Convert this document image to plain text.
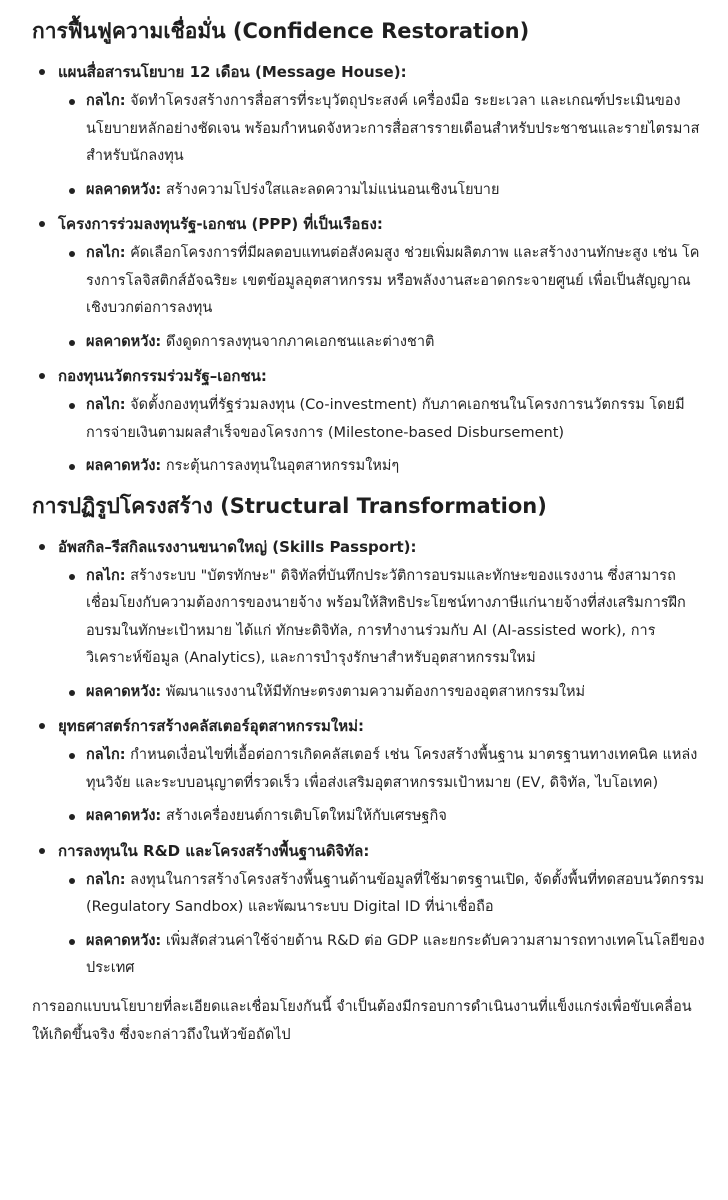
การฟื้นฟูความเชื่อมั่น (Confidence Restoration)
แผนสื่อสารนโยบาย 12 เดือน (Message House):
กลไก: จัดทำโครงสร้างการสื่อสารที่ระบุวัตถุประสงค์ เครื่องมือ ระยะเวลา และเกณฑ์ประเมินของนโยบายหลักอย่างชัดเจน พร้อมกำหนดจังหวะการสื่อสารรายเดือนสำหรับประชาชนและรายไตรมาสสำหรับนักลงทุน
ผลคาดหวัง: สร้างความโปร่งใสและลดความไม่แน่นอนเชิงนโยบาย
โครงการร่วมลงทุนรัฐ-เอกชน (PPP) ที่เป็นเรือธง:
กลไก: คัดเลือกโครงการที่มีผลตอบแทนต่อสังคมสูง ช่วยเพิ่มผลิตภาพ และสร้างงานทักษะสูง เช่น โครงการโลจิสติกส์อัจฉริยะ เขตข้อมูลอุตสาหกรรม หรือพลังงานสะอาดกระจายศูนย์ เพื่อเป็นสัญญาณเชิงบวกต่อการลงทุน
ผลคาดหวัง: ดึงดูดการลงทุนจากภาคเอกชนและต่างชาติ
กองทุนนวัตกรรมร่วมรัฐ–เอกชน:
กลไก: จัดตั้งกองทุนที่รัฐร่วมลงทุน (Co-investment) กับภาคเอกชนในโครงการนวัตกรรม โดยมีการจ่ายเงินตามผลสำเร็จของโครงการ (Milestone-based Disbursement)
ผลคาดหวัง: กระตุ้นการลงทุนในอุตสาหกรรมใหม่ๆ
การปฏิรูปโครงสร้าง (Structural Transformation)
อัพสกิล–รีสกิลแรงงานขนาดใหญ่ (Skills Passport):
กลไก: สร้างระบบ "บัตรทักษะ" ดิจิทัลที่บันทึกประวัติการอบรมและทักษะของแรงงาน ซึ่งสามารถเชื่อมโยงกับความต้องการของนายจ้าง พร้อมให้สิทธิประโยชน์ทางภาษีแก่นายจ้างที่ส่งเสริมการฝึกอบรมในทักษะเป้าหมาย ได้แก่ ทักษะดิจิทัล, การทำงานร่วมกับ AI (AI-assisted work), การวิเคราะห์ข้อมูล (Analytics), และการบำรุงรักษาสำหรับอุตสาหกรรมใหม่
ผลคาดหวัง: พัฒนาแรงงานให้มีทักษะตรงตามความต้องการของอุตสาหกรรมใหม่
ยุทธศาสตร์การสร้างคลัสเตอร์อุตสาหกรรมใหม่:
กลไก: กำหนดเงื่อนไขที่เอื้อต่อการเกิดคลัสเตอร์ เช่น โครงสร้างพื้นฐาน มาตรฐานทางเทคนิค แหล่งทุนวิจัย และระบบอนุญาตที่รวดเร็ว เพื่อส่งเสริมอุตสาหกรรมเป้าหมาย (EV, ดิจิทัล, ไบโอเทค)
ผลคาดหวัง: สร้างเครื่องยนต์การเติบโตใหม่ให้กับเศรษฐกิจ
การลงทุนใน R&D และโครงสร้างพื้นฐานดิจิทัล:
กลไก: ลงทุนในการสร้างโครงสร้างพื้นฐานด้านข้อมูลที่ใช้มาตรฐานเปิด, จัดตั้งพื้นที่ทดสอบนวัตกรรม (Regulatory Sandbox) และพัฒนาระบบ Digital ID ที่น่าเชื่อถือ
ผลคาดหวัง: เพิ่มสัดส่วนค่าใช้จ่ายด้าน R&D ต่อ GDP และยกระดับความสามารถทางเทคโนโลยีของประเทศ

การออกแบบนโยบายที่ละเอียดและเชื่อมโยงกันนี้ จำเป็นต้องมีกรอบการดำเนินงานที่แข็งแกร่งเพื่อขับเคลื่อนให้เกิดขึ้นจริง ซึ่งจะกล่าวถึงในหัวข้อถัดไป
